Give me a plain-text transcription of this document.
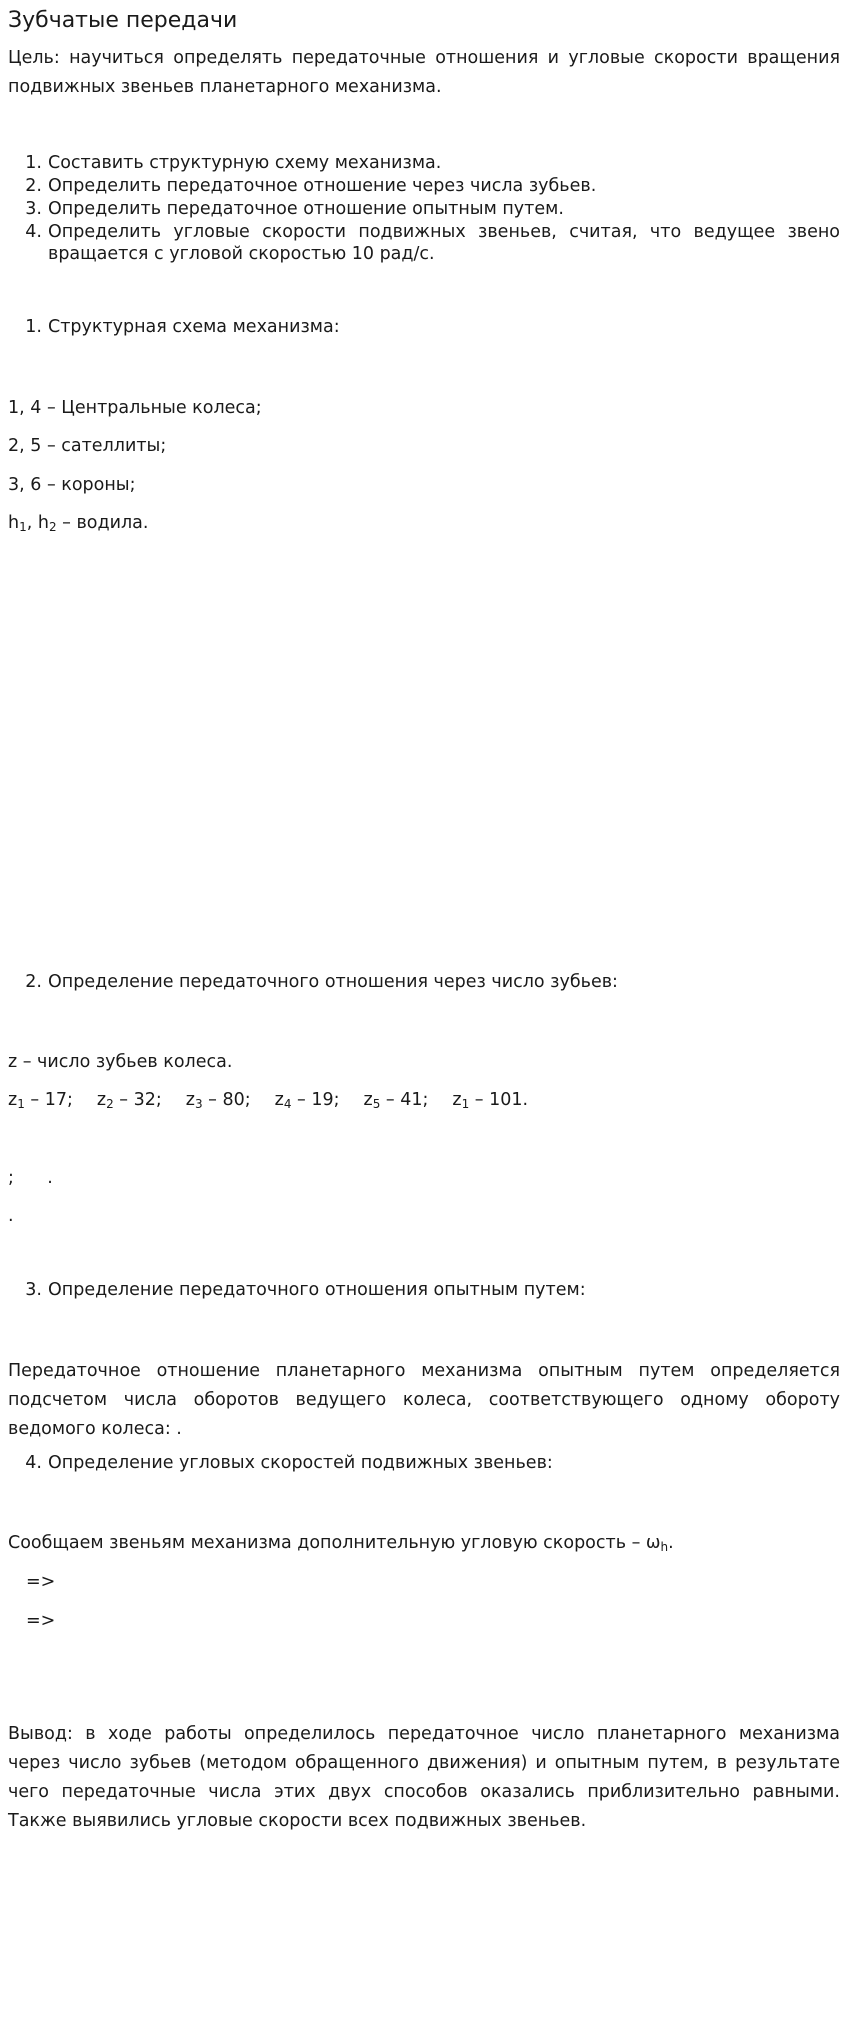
Зубчатые передачи

Цель: научиться определять передаточные отношения и угловые скорости вращения подвижных звеньев планетарного механизма.

1. Составить структурную схему механизма.
2. Определить передаточное отношение через числа зубьев.
3. Определить передаточное отношение опытным путем.
4. Определить угловые скорости подвижных звеньев, считая, что ведущее звено вращается с угловой скоростью 10 рад/с.
1. Структурная схема механизма:
1, 4 – Центральные колеса;
2, 5 – сателлиты;
3, 6 – короны;
$h_1$, $h_2$ – водила.
2. Определение передаточного отношения через число зубьев:
z – число зубьев колеса.
$z_1 - 17$; $z_2 - 32$; $z_3 - 80$; $z_4 - 19$; $z_5 - 41$; $z_1 - 101$.
;      .
.
3. Определение передаточного отношения опытным путем:

Передаточное отношение планетарного механизма опытным путем определяется подсчетом числа оборотов ведущего колеса, соответствующего одному обороту ведомого колеса: .

4. Определение угловых скоростей подвижных звеньев:
Сообщаем звеньям механизма дополнительную угловую скорость – $\omega_h$.
=>
=>

Вывод: в ходе работы определилось передаточное число планетарного механизма через число зубьев (методом обращенного движения) и опытным путем, в результате чего передаточные числа этих двух способов оказались приблизительно равными. Также выявились угловые скорости всех подвижных звеньев.
